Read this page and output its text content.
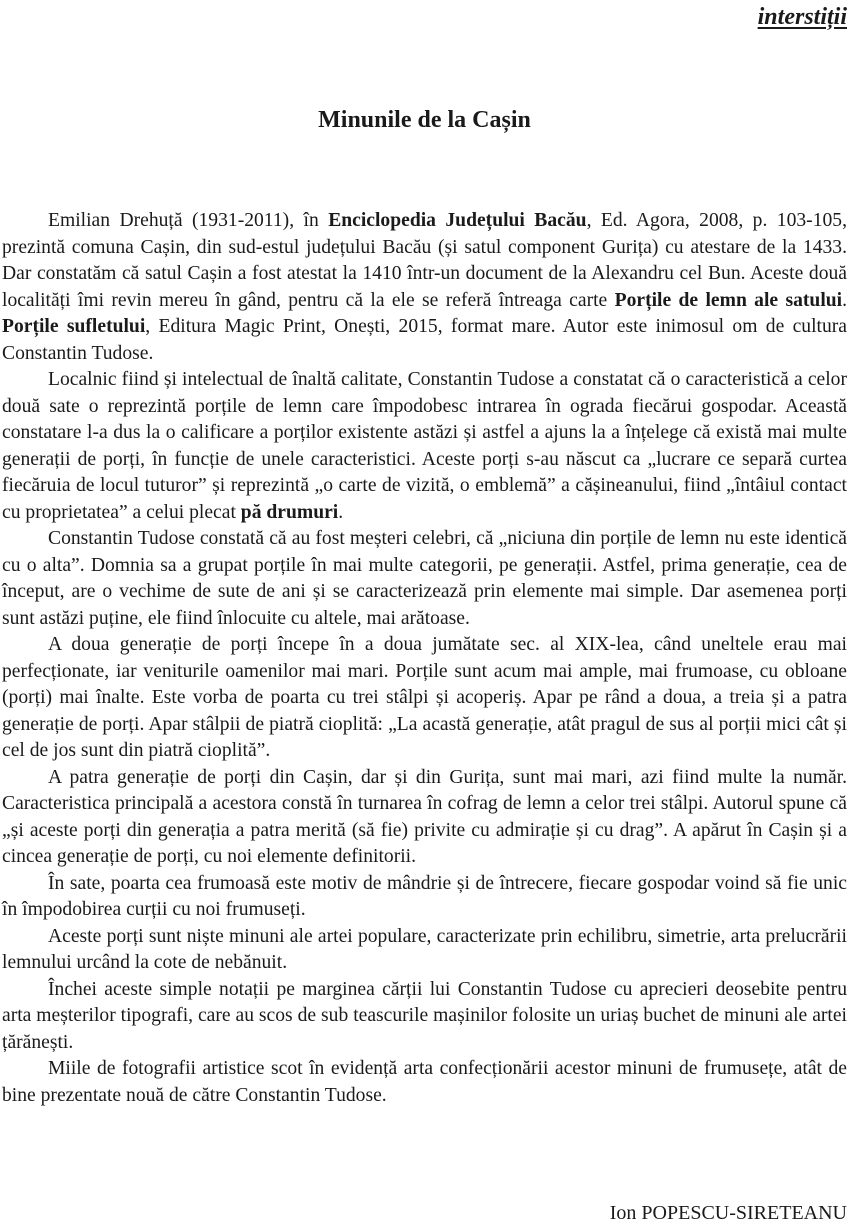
interstiții
Minunile de la Cașin

Emilian Drehuță (1931-2011), în Enciclopedia Județului Bacău, Ed. Agora, 2008, p. 103-105, prezintă comuna Cașin, din sud-estul județului Bacău (și satul component Gurița) cu atestare de la 1433. Dar constatăm că satul Cașin a fost atestat la 1410 într-un document de la Alexandru cel Bun. Aceste două localități îmi revin mereu în gând, pentru că la ele se referă întreaga carte Porțile de lemn ale satului. Porțile sufletului, Editura Magic Print, Onești, 2015, format mare. Autor este inimosul om de cultura Constantin Tudose.

Localnic fiind și intelectual de înaltă calitate, Constantin Tudose a constatat că o caracteristică a celor două sate o reprezintă porțile de lemn care împodobesc intrarea în ograda fiecărui gospodar. Această constatare l-a dus la o calificare a porților existente astăzi și astfel a ajuns la a înțelege că există mai multe generații de porți, în funcție de unele caracteristici. Aceste porți s-au născut ca „lucrare ce separă curtea fiecăruia de locul tuturor” și reprezintă „o carte de vizită, o emblemă” a cășineanului, fiind „întâiul contact cu proprietatea” a celui plecat pă drumuri.

Constantin Tudose constată că au fost meșteri celebri, că „niciuna din porțile de lemn nu este identică cu o alta”. Domnia sa a grupat porțile în mai multe categorii, pe generații. Astfel, prima generație, cea de început, are o vechime de sute de ani și se caracterizează prin elemente mai simple. Dar asemenea porți sunt astăzi puține, ele fiind înlocuite cu altele, mai arătoase.

A doua generație de porți începe în a doua jumătate sec. al XIX-lea, când uneltele erau mai perfecționate, iar veniturile oamenilor mai mari. Porțile sunt acum mai ample, mai frumoase, cu obloane (porți) mai înalte. Este vorba de poarta cu trei stâlpi și acoperiș. Apar pe rând a doua, a treia și a patra generație de porți. Apar stâlpii de piatră cioplită: „La acastă generație, atât pragul de sus al porții mici cât și cel de jos sunt din piatră cioplită”.

A patra generație de porți din Cașin, dar și din Gurița, sunt mai mari, azi fiind multe la număr. Caracteristica principală a acestora constă în turnarea în cofrag de lemn a celor trei stâlpi. Autorul spune că „și aceste porți din generația a patra merită (să fie) privite cu admirație și cu drag”. A apărut în Cașin și a cincea generație de porți, cu noi elemente definitorii.

În sate, poarta cea frumoasă este motiv de mândrie și de întrecere, fiecare gospodar voind să fie unic în împodobirea curții cu noi frumuseți.

Aceste porți sunt niște minuni ale artei populare, caracterizate prin echilibru, simetrie, arta prelucrării lemnului urcând la cote de nebănuit.

Închei aceste simple notații pe marginea cărții lui Constantin Tudose cu aprecieri deosebite pentru arta meșterilor tipografi, care au scos de sub teascurile mașinilor folosite un uriaș buchet de minuni ale artei țărănești.

Miile de fotografii artistice scot în evidență arta confecționării acestor minuni de frumusețe, atât de bine prezentate nouă de către Constantin Tudose.

Ion POPESCU-SIRETEANU
